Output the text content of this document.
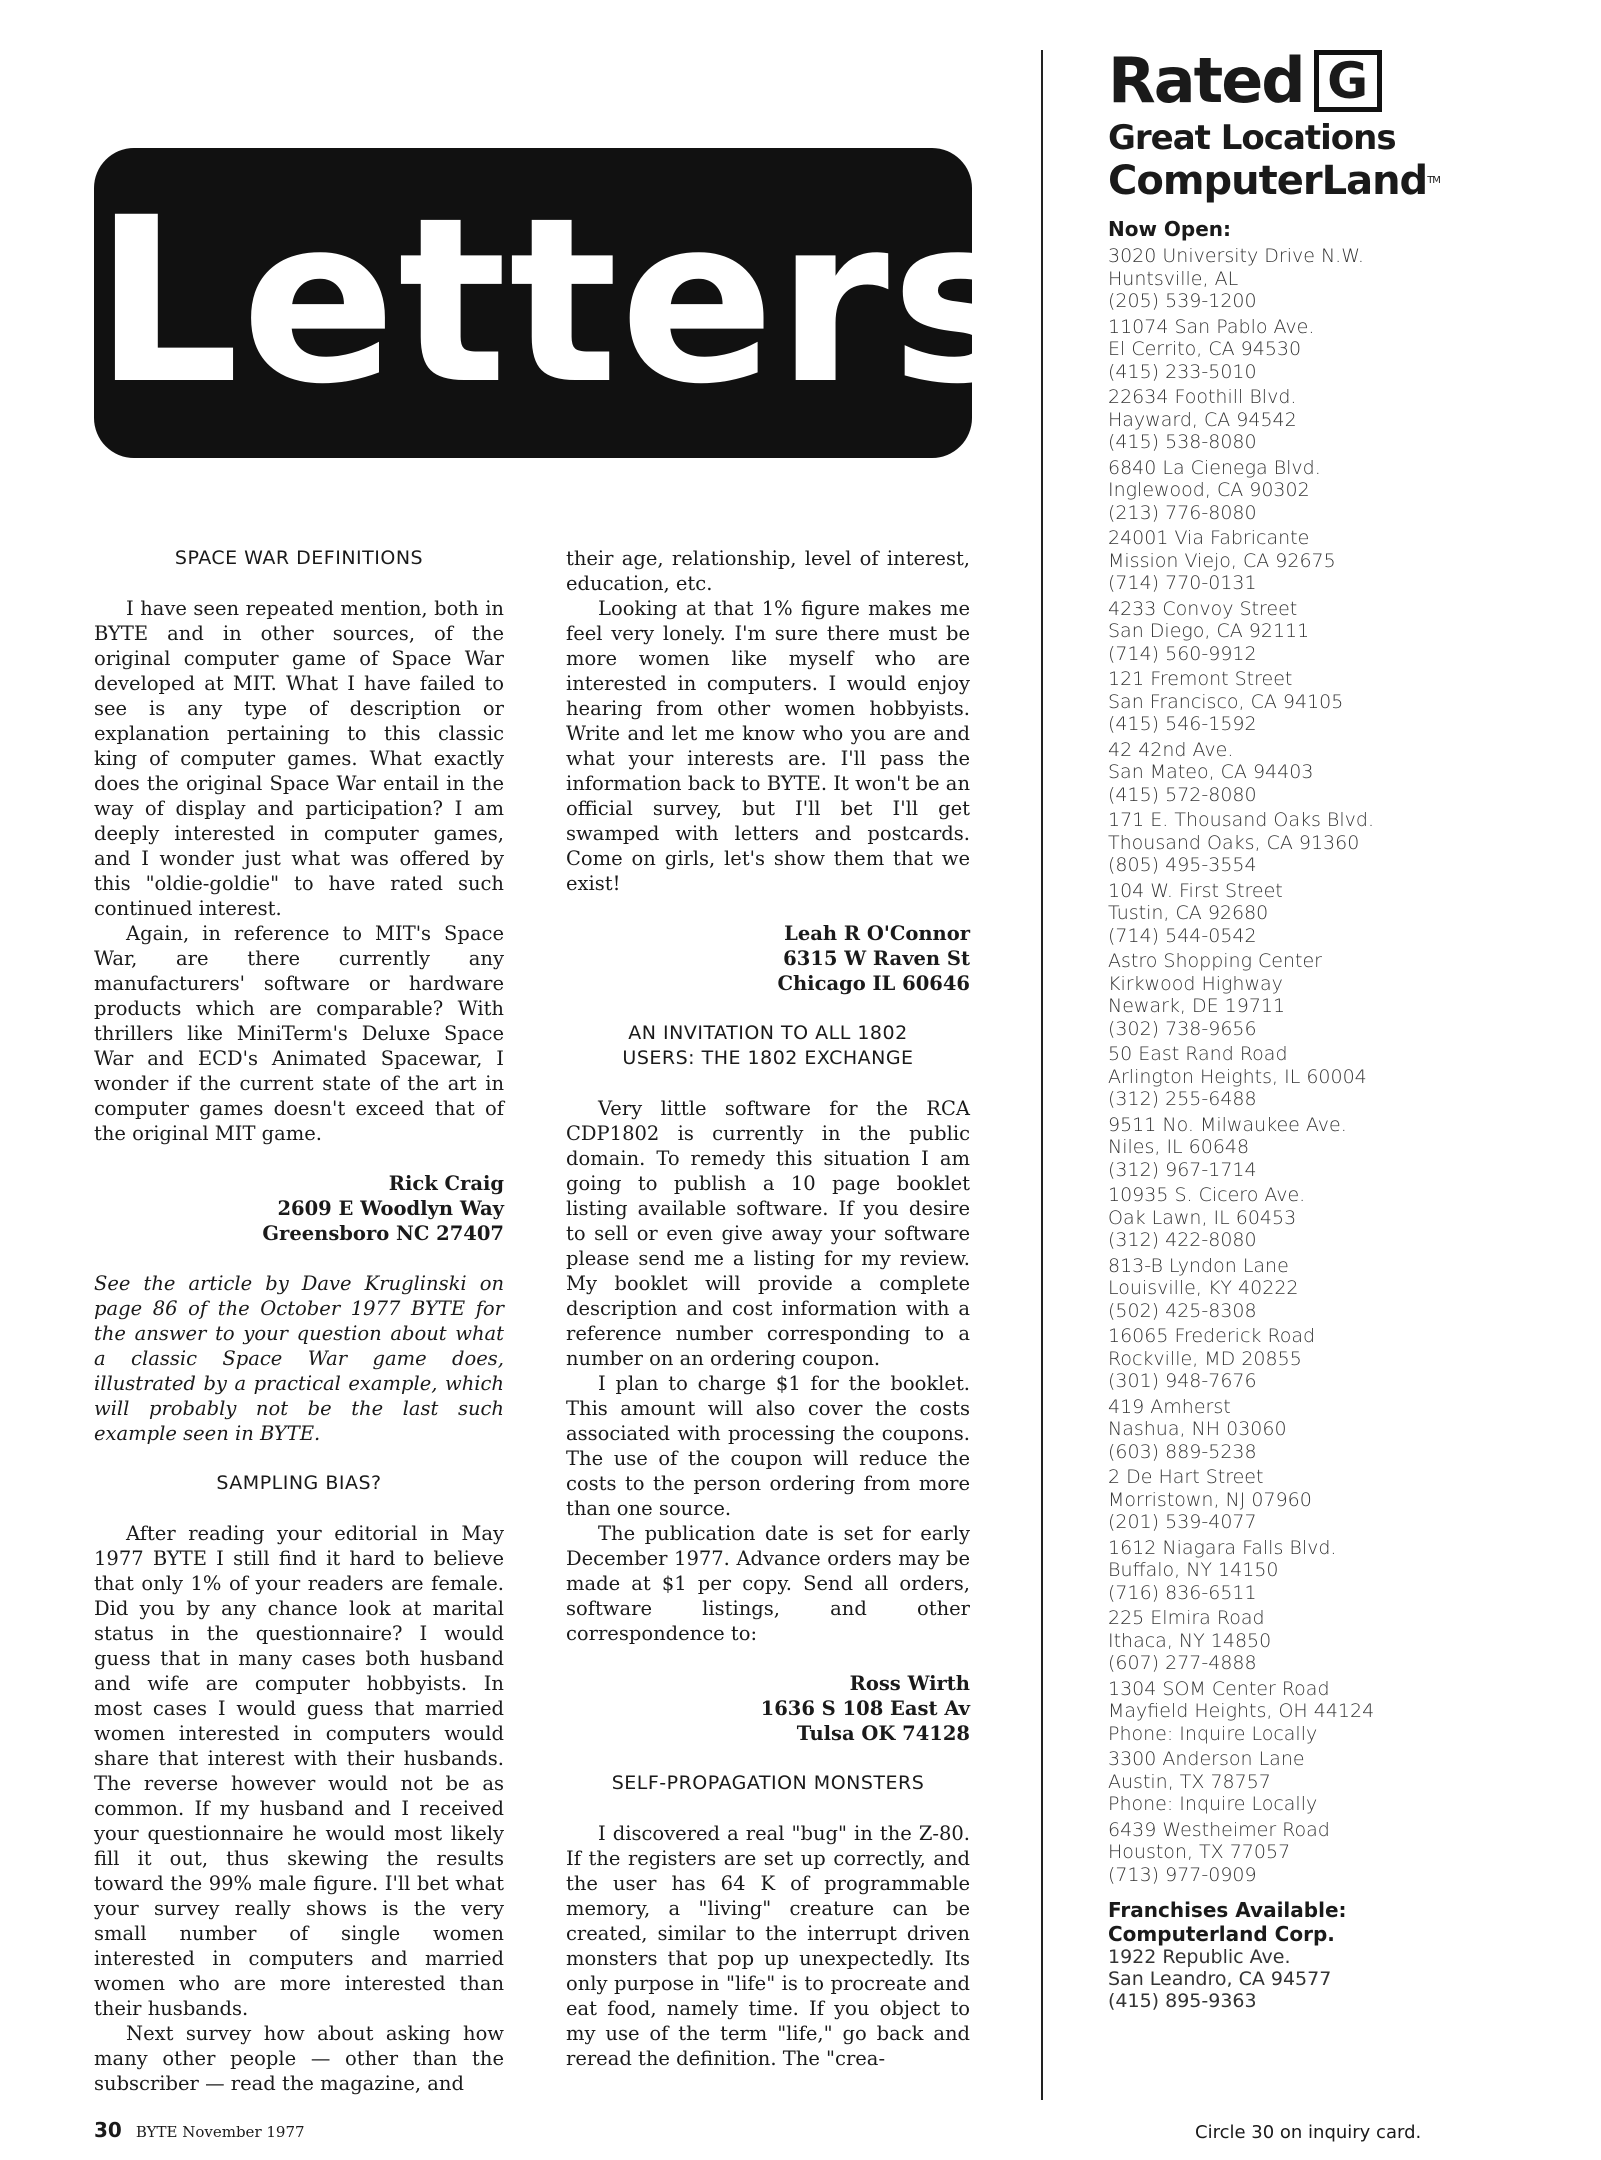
Letters
SPACE WAR DEFINITIONS

I have seen repeated mention, both in BYTE and in other sources, of the original computer game of Space War developed at MIT. What I have failed to see is any type of description or explanation pertaining to this classic king of computer games. What exactly does the original Space War entail in the way of display and participation? I am deeply interested in computer games, and I wonder just what was offered by this "oldie-goldie" to have rated such continued interest.

Again, in reference to MIT's Space War, are there currently any manufacturers' software or hardware products which are comparable? With thrillers like MiniTerm's Deluxe Space War and ECD's Animated Spacewar, I wonder if the current state of the art in computer games doesn't exceed that of the original MIT game.

Rick Craig
2609 E Woodlyn Way
Greensboro NC 27407

See the article by Dave Kruglinski on page 86 of the October 1977 BYTE for the answer to your question about what a classic Space War game does, illustrated by a practical example, which will probably not be the last such example seen in BYTE.

SAMPLING BIAS?

After reading your editorial in May 1977 BYTE I still find it hard to believe that only 1% of your readers are female. Did you by any chance look at marital status in the questionnaire? I would guess that in many cases both husband and wife are computer hobbyists. In most cases I would guess that married women interested in computers would share that interest with their husbands. The reverse however would not be as common. If my husband and I received your questionnaire he would most likely fill it out, thus skewing the results toward the 99% male figure. I'll bet what your survey really shows is the very small number of single women interested in computers and married women who are more interested than their husbands.

Next survey how about asking how many other people — other than the subscriber — read the magazine, and

their age, relationship, level of interest, education, etc.

Looking at that 1% figure makes me feel very lonely. I'm sure there must be more women like myself who are interested in computers. I would enjoy hearing from other women hobbyists. Write and let me know who you are and what your interests are. I'll pass the information back to BYTE. It won't be an official survey, but I'll bet I'll get swamped with letters and postcards. Come on girls, let's show them that we exist!

Leah R O'Connor
6315 W Raven St
Chicago IL 60646
AN INVITATION TO ALL 1802
USERS: THE 1802 EXCHANGE

Very little software for the RCA CDP1802 is currently in the public domain. To remedy this situation I am going to publish a 10 page booklet listing available software. If you desire to sell or even give away your software please send me a listing for my review. My booklet will provide a complete description and cost information with a reference number corresponding to a number on an ordering coupon.

I plan to charge $1 for the booklet. This amount will also cover the costs associated with processing the coupons. The use of the coupon will reduce the costs to the person ordering from more than one source.

The publication date is set for early December 1977. Advance orders may be made at $1 per copy. Send all orders, software listings, and other correspondence to:

Ross Wirth
1636 S 108 East Av
Tulsa OK 74128
SELF-PROPAGATION MONSTERS

I discovered a real "bug" in the Z-80. If the registers are set up correctly, and the user has 64 K of programmable memory, a "living" creature can be created, similar to the interrupt driven monsters that pop up unexpectedly. Its only purpose in "life" is to procreate and eat food, namely time. If you object to my use of the term "life," go back and reread the definition. The "crea-

Rated G
Great Locations
ComputerLand™
Now Open:
3020 University Drive N.W.
Huntsville, AL
(205) 539-1200
11074 San Pablo Ave.
El Cerrito, CA 94530
(415) 233-5010
22634 Foothill Blvd.
Hayward, CA 94542
(415) 538-8080
6840 La Cienega Blvd.
Inglewood, CA 90302
(213) 776-8080
24001 Via Fabricante
Mission Viejo, CA 92675
(714) 770-0131
4233 Convoy Street
San Diego, CA 92111
(714) 560-9912
121 Fremont Street
San Francisco, CA 94105
(415) 546-1592
42 42nd Ave.
San Mateo, CA 94403
(415) 572-8080
171 E. Thousand Oaks Blvd.
Thousand Oaks, CA 91360
(805) 495-3554
104 W. First Street
Tustin, CA 92680
(714) 544-0542
Astro Shopping Center
Kirkwood Highway
Newark, DE 19711
(302) 738-9656
50 East Rand Road
Arlington Heights, IL 60004
(312) 255-6488
9511 No. Milwaukee Ave.
Niles, IL 60648
(312) 967-1714
10935 S. Cicero Ave.
Oak Lawn, IL 60453
(312) 422-8080
813-B Lyndon Lane
Louisville, KY 40222
(502) 425-8308
16065 Frederick Road
Rockville, MD 20855
(301) 948-7676
419 Amherst
Nashua, NH 03060
(603) 889-5238
2 De Hart Street
Morristown, NJ 07960
(201) 539-4077
1612 Niagara Falls Blvd.
Buffalo, NY 14150
(716) 836-6511
225 Elmira Road
Ithaca, NY 14850
(607) 277-4888
1304 SOM Center Road
Mayfield Heights, OH 44124
Phone: Inquire Locally
3300 Anderson Lane
Austin, TX 78757
Phone: Inquire Locally
6439 Westheimer Road
Houston, TX 77057
(713) 977-0909
Franchises Available:
Computerland Corp.
1922 Republic Ave.
San Leandro, CA 94577
(415) 895-9363
30 BYTE November 1977	Circle 30 on inquiry card.
